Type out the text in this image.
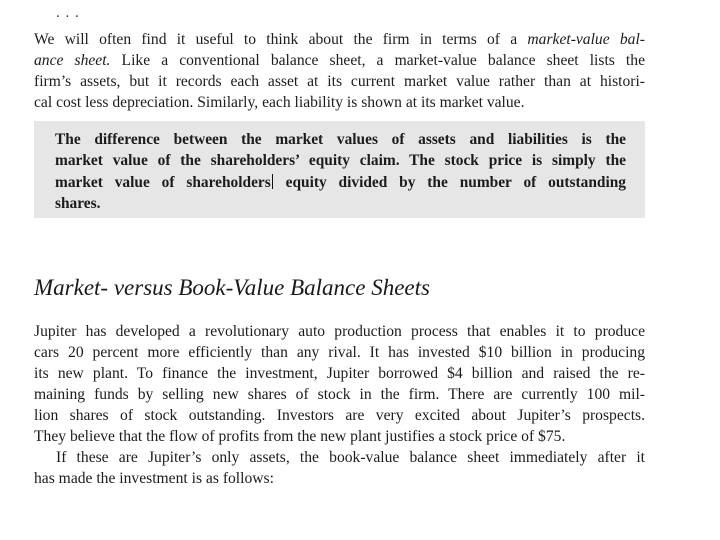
. . .

We will often find it useful to think about the firm in terms of a market-value bal-
ance sheet. Like a conventional balance sheet, a market-value balance sheet lists the
firm’s assets, but it records each asset at its current market value rather than at histori-
cal cost less depreciation. Similarly, each liability is shown at its market value.

The difference between the market values of assets and liabilities is the
market value of the shareholders’ equity claim. The stock price is simply the
market value of shareholders equity divided by the number of outstanding
shares.

Market- versus Book-Value Balance Sheets

Jupiter has developed a revolutionary auto production process that enables it to produce
cars 20 percent more efficiently than any rival. It has invested $10 billion in producing
its new plant. To finance the investment, Jupiter borrowed $4 billion and raised the re-
maining funds by selling new shares of stock in the firm. There are currently 100 mil-
lion shares of stock outstanding. Investors are very excited about Jupiter’s prospects.
They believe that the flow of profits from the new plant justifies a stock price of $75.
If these are Jupiter’s only assets, the book-value balance sheet immediately after it
has made the investment is as follows:
